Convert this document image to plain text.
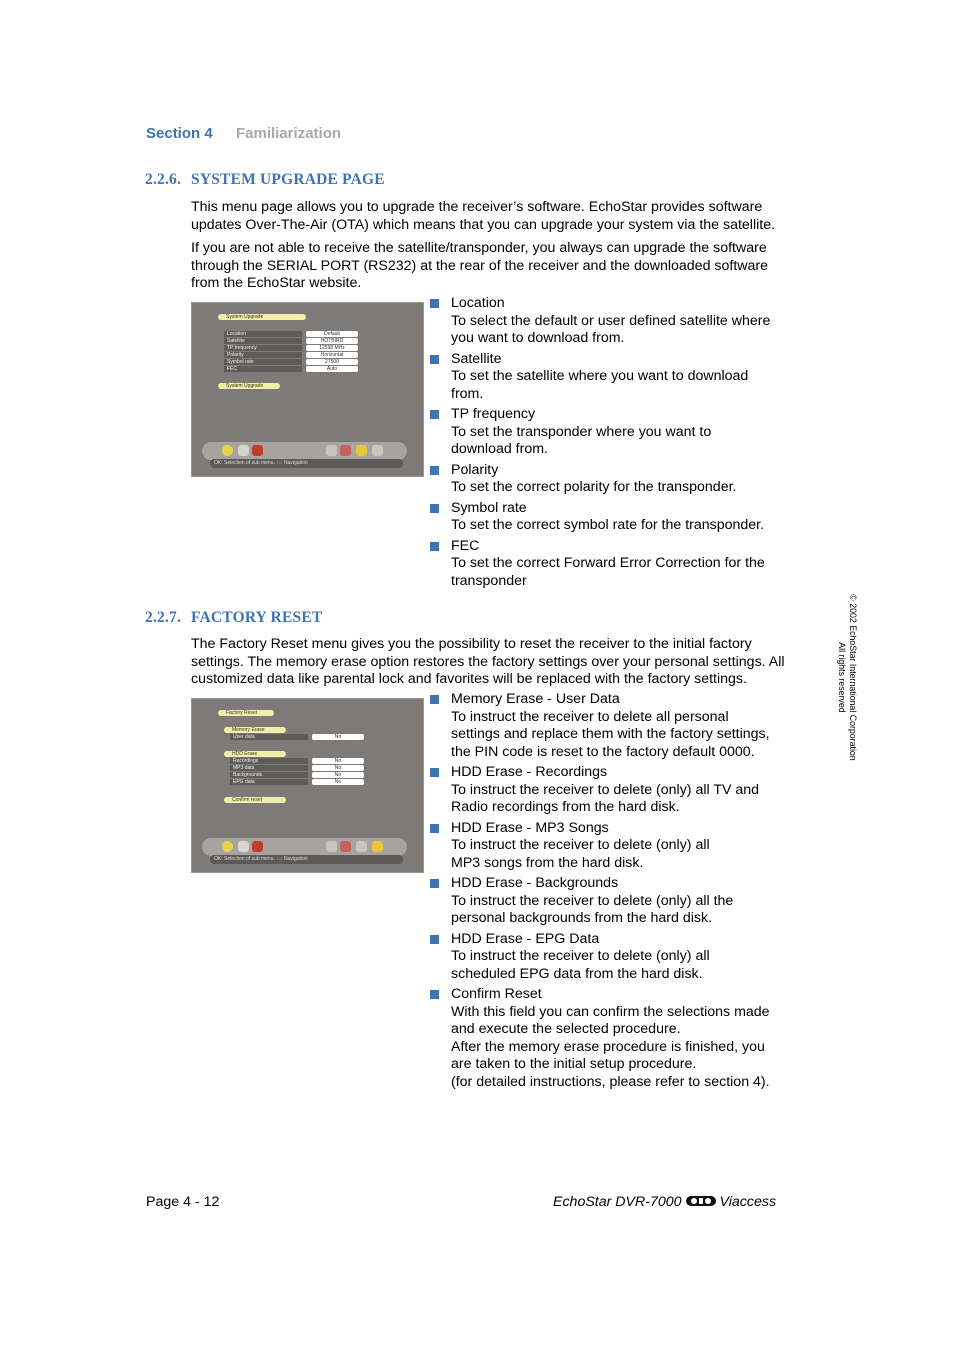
Section 4 Familiarization
2.2.6. SYSTEM UPGRADE PAGE
This menu page allows you to upgrade the receiver’s software. EchoStar provides software updates Over-The-Air (OTA) which means that you can upgrade your system via the satellite.
If you are not able to receive the satellite/transponder, you always can upgrade the software through the SERIAL PORT (RS232) at the rear of the receiver and the downloaded software from the EchoStar website.
System Upgrade
Location	Default
Satellite	HOTBIRD
TP frequency	12598 MHz
Polarity	Horizontal
Symbol rate	27500
FEC	Auto
System Upgrade
OK: Selection of sub menu. ↑↓: Navigation
Location
To select the default or user defined satellite where
you want to download from.
Satellite
To set the satellite where you want to download
from.
TP frequency
To set the transponder where you want to
download from.
Polarity
To set the correct polarity for the transponder.
Symbol rate
To set the correct symbol rate for the transponder.
FEC
To set the correct Forward Error Correction for the
transponder
2.2.7. FACTORY RESET
The Factory Reset menu gives you the possibility to reset the receiver to the initial factory settings. The memory erase option restores the factory settings over your personal settings. All customized data like parental lock and favorites will be replaced with the factory settings.
Factory Reset
Memory Erase
User data	No
HDD Erase
Recordings	No
MP3 data	No
Backgrounds	No
EPG data	No
Confirm reset
OK: Selection of sub menu. ↑↓: Navigation
Memory Erase - User Data
To instruct the receiver to delete all personal
settings and replace them with the factory settings,
the PIN code is reset to the factory default 0000.
HDD Erase - Recordings
To instruct the receiver to delete (only) all TV and
Radio recordings from the hard disk.
HDD Erase - MP3 Songs
To instruct the receiver to delete (only) all
MP3 songs from the hard disk.
HDD Erase - Backgrounds
To instruct the receiver to delete (only) all the
personal backgrounds from the hard disk.
HDD Erase - EPG Data
To instruct the receiver to delete (only) all
scheduled EPG data from the hard disk.
Confirm Reset
With this field you can confirm the selections made
and execute the selected procedure.
After the memory erase procedure is finished, you
are taken to the initial setup procedure.
(for detailed instructions, please refer to section 4).
© 2002 EchoStar International Corporation
All rights reserved
Page 4 - 12	EchoStar DVR-7000	Viaccess
